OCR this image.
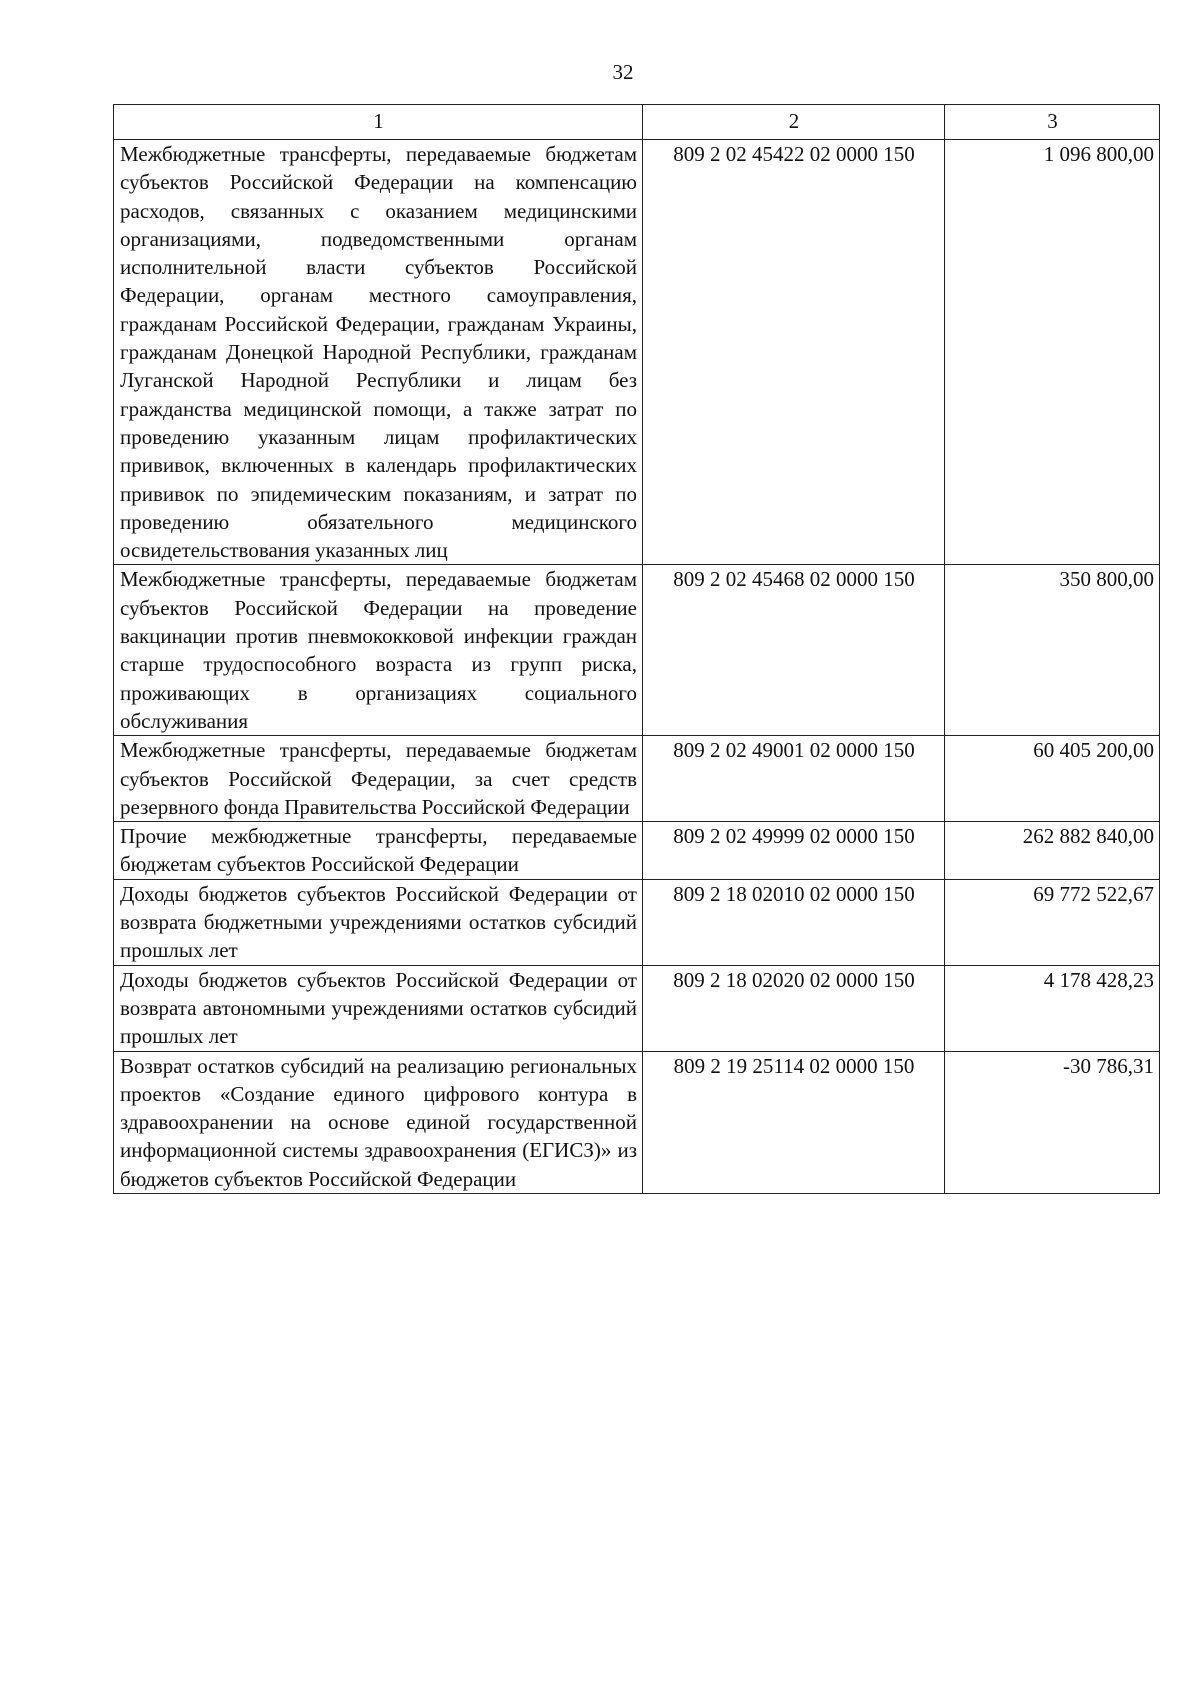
32
1	2	3
Межбюджетные трансферты, передаваемые бюджетам субъектов Российской Федерации на компенсацию расходов, связанных с оказанием медицинскими организациями, подведомственными органам исполнительной власти субъектов Российской Федерации, органам местного самоуправления, гражданам Российской Федерации, гражданам Украины, гражданам Донецкой Народной Республики, гражданам Луганской Народной Республики и лицам без гражданства медицинской помощи, а также затрат по проведению указанным лицам профилактических прививок, включенных в календарь профилактических прививок по эпидемическим показаниям, и затрат по проведению обязательного медицинского освидетельствования указанных лиц	809 2 02 45422 02 0000 150	1 096 800,00
Межбюджетные трансферты, передаваемые бюджетам субъектов Российской Федерации на проведение вакцинации против пневмококковой инфекции граждан старше трудоспособного возраста из групп риска, проживающих в организациях социального обслуживания	809 2 02 45468 02 0000 150	350 800,00
Межбюджетные трансферты, передаваемые бюджетам субъектов Российской Федерации, за счет средств резервного фонда Правительства Российской Федерации	809 2 02 49001 02 0000 150	60 405 200,00
Прочие межбюджетные трансферты, передаваемые бюджетам субъектов Российской Федерации	809 2 02 49999 02 0000 150	262 882 840,00
Доходы бюджетов субъектов Российской Федерации от возврата бюджетными учреждениями остатков субсидий прошлых лет	809 2 18 02010 02 0000 150	69 772 522,67
Доходы бюджетов субъектов Российской Федерации от возврата автономными учреждениями остатков субсидий прошлых лет	809 2 18 02020 02 0000 150	4 178 428,23
Возврат остатков субсидий на реализацию региональных проектов «Создание единого цифрового контура в здравоохранении на основе единой государственной информационной системы здравоохранения (ЕГИСЗ)» из бюджетов субъектов Российской Федерации	809 2 19 25114 02 0000 150	-30 786,31
